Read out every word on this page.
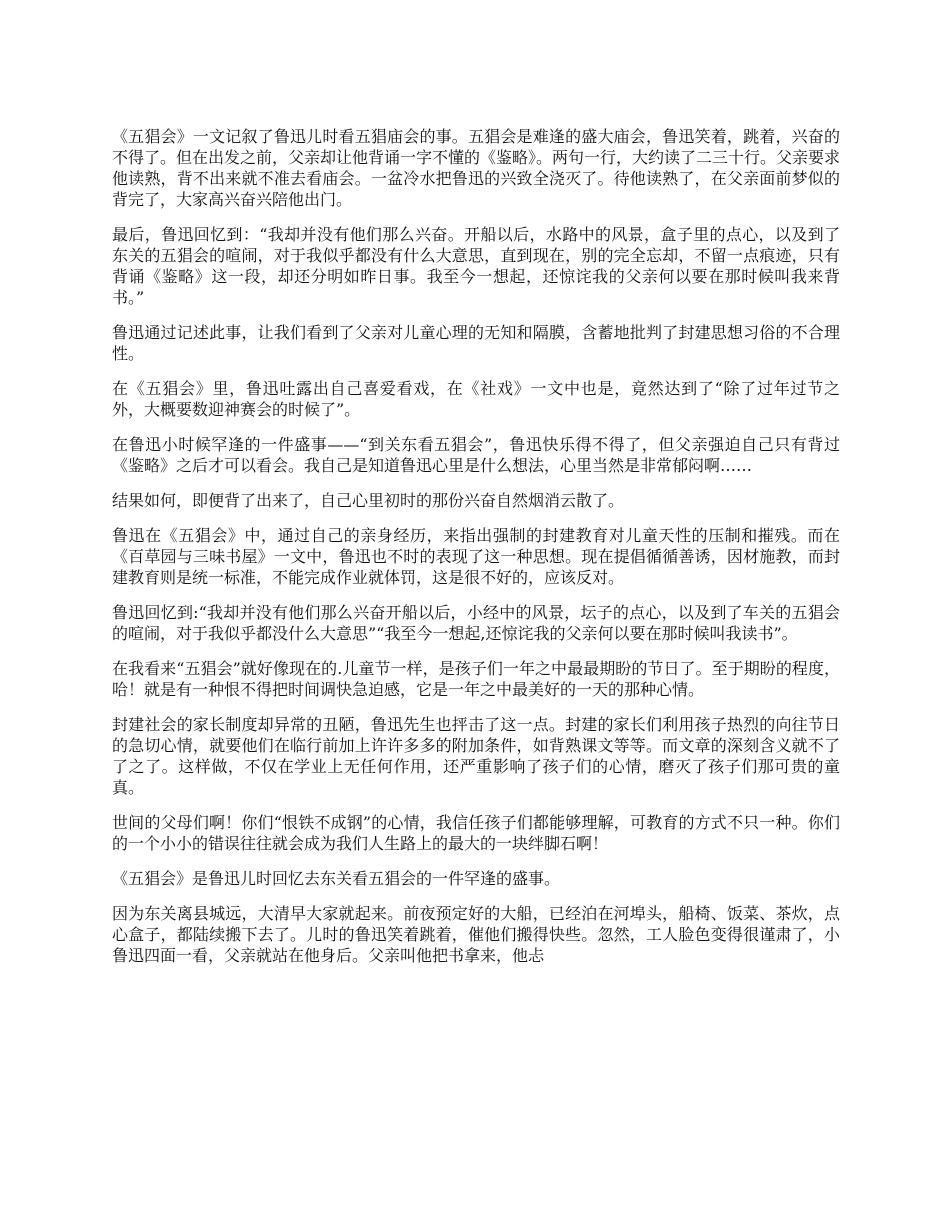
《五猖会》一文记叙了鲁迅儿时看五猖庙会的事。五猖会是难逢的盛大庙会，鲁迅笑着，跳着，兴奋的不得了。但在出发之前，父亲却让他背诵一字不懂的《鉴略》。两句一行，大约读了二三十行。父亲要求他读熟，背不出来就不准去看庙会。一盆冷水把鲁迅的兴致全浇灭了。待他读熟了，在父亲面前梦似的背完了，大家高兴奋兴陪他出门。

最后，鲁迅回忆到：“我却并没有他们那么兴奋。开船以后，水路中的风景，盒子里的点心，以及到了东关的五猖会的喧闹，对于我似乎都没有什么大意思，直到现在，别的完全忘却，不留一点痕迹，只有背诵《鉴略》这一段，却还分明如昨日事。我至今一想起，还惊诧我的父亲何以要在那时候叫我来背书。”

鲁迅通过记述此事，让我们看到了父亲对儿童心理的无知和隔膜，含蓄地批判了封建思想习俗的不合理性。

在《五猖会》里，鲁迅吐露出自己喜爱看戏，在《社戏》一文中也是，竟然达到了“除了过年过节之外，大概要数迎神赛会的时候了”。

在鲁迅小时候罕逢的一件盛事——“到关东看五猖会”，鲁迅快乐得不得了，但父亲强迫自己只有背过《鉴略》之后才可以看会。我自己是知道鲁迅心里是什么想法，心里当然是非常郁闷啊……

结果如何，即便背了出来了，自己心里初时的那份兴奋自然烟消云散了。

鲁迅在《五猖会》中，通过自己的亲身经历，来指出强制的封建教育对儿童天性的压制和摧残。而在《百草园与三味书屋》一文中，鲁迅也不时的表现了这一种思想。现在提倡循循善诱，因材施教，而封建教育则是统一标准，不能完成作业就体罚，这是很不好的，应该反对。

鲁迅回忆到:“我却并没有他们那么兴奋开船以后，小经中的风景，坛子的点心，以及到了车关的五猖会的喧闹，对于我似乎都没什么大意思”“我至今一想起,还惊诧我的父亲何以要在那时候叫我读书”。

在我看来“五猖会”就好像现在的.儿童节一样，是孩子们一年之中最最期盼的节日了。至于期盼的程度，哈！就是有一种恨不得把时间调快急迫感，它是一年之中最美好的一天的那种心情。

封建社会的家长制度却异常的丑陋，鲁迅先生也抨击了这一点。封建的家长们利用孩子热烈的向往节日的急切心情，就要他们在临行前加上许许多多的附加条件，如背熟课文等等。而文章的深刻含义就不了了之了。这样做，不仅在学业上无任何作用，还严重影响了孩子们的心情，磨灭了孩子们那可贵的童真。

世间的父母们啊！你们“恨铁不成钢”的心情，我信任孩子们都能够理解，可教育的方式不只一种。你们的一个小小的错误往往就会成为我们人生路上的最大的一块绊脚石啊！

《五猖会》是鲁迅儿时回忆去东关看五猖会的一件罕逢的盛事。

因为东关离县城远，大清早大家就起来。前夜预定好的大船，已经泊在河埠头，船椅、饭菜、茶炊，点心盒子，都陆续搬下去了。儿时的鲁迅笑着跳着，催他们搬得快些。忽然，工人脸色变得很谨肃了，小鲁迅四面一看，父亲就站在他身后。父亲叫他把书拿来，他忐
